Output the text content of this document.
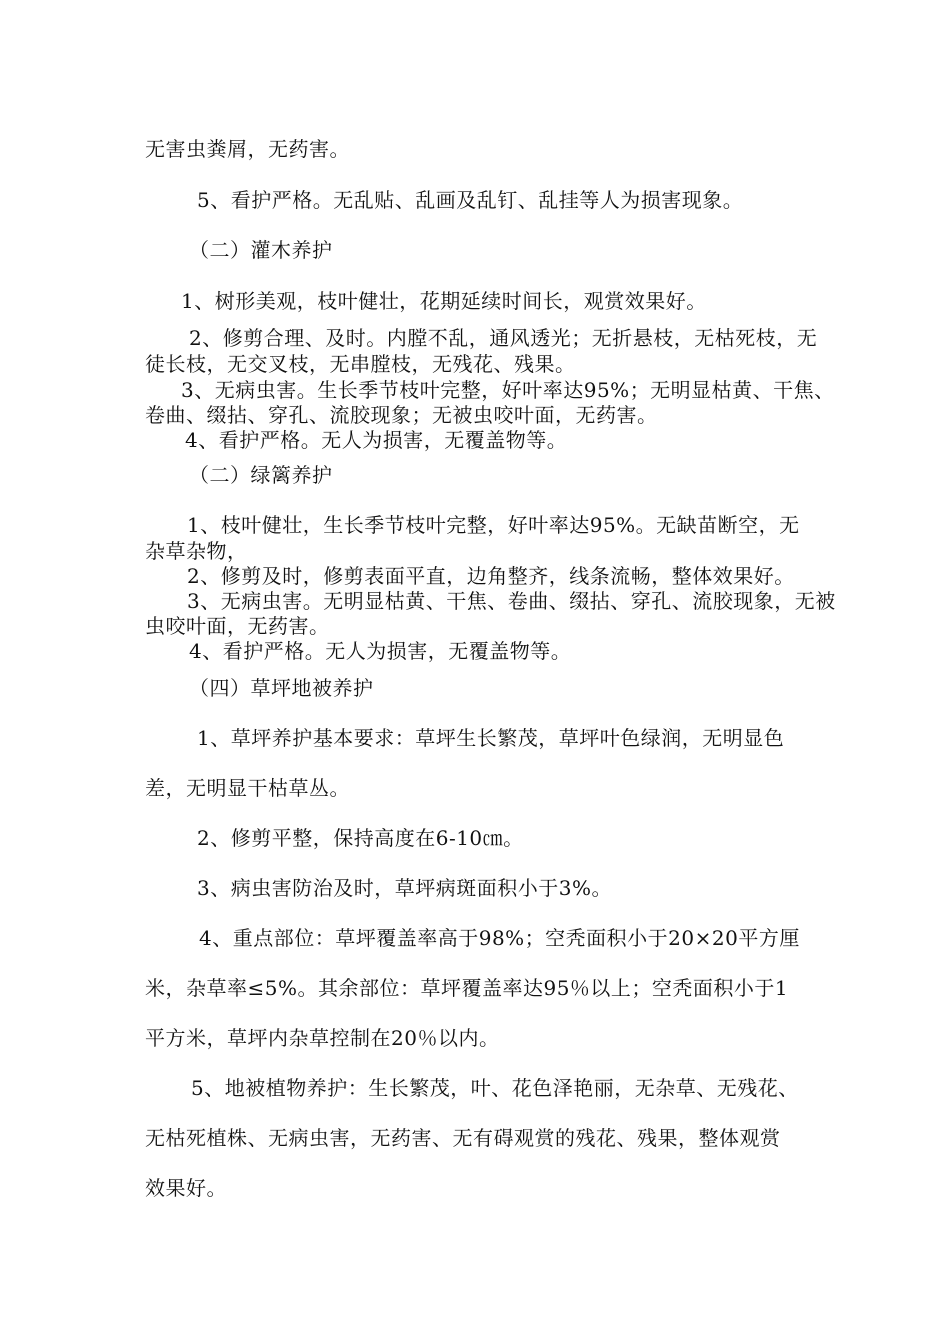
无害虫粪屑，无药害。

5、看护严格。无乱贴、乱画及乱钉、乱挂等人为损害现象。

（二）灌木养护

1、树形美观，枝叶健壮，花期延续时间长，观赏效果好。

2、修剪合理、及时。内膛不乱，通风透光；无折悬枝，无枯死枝，无

徒长枝，无交叉枝，无串膛枝，无残花、残果。

3、无病虫害。生长季节枝叶完整，好叶率达95%；无明显枯黄、干焦、

卷曲、缀拈、穿孔、流胶现象；无被虫咬叶面，无药害。

4、看护严格。无人为损害，无覆盖物等。

（二）绿篱养护

1、枝叶健壮，生长季节枝叶完整，好叶率达95%。无缺苗断空，无

杂草杂物，

2、修剪及时，修剪表面平直，边角整齐，线条流畅，整体效果好。

3、无病虫害。无明显枯黄、干焦、卷曲、缀拈、穿孔、流胶现象，无被

虫咬叶面，无药害。

4、看护严格。无人为损害，无覆盖物等。

（四）草坪地被养护

1、草坪养护基本要求：草坪生长繁茂，草坪叶色绿润，无明显色

差，无明显干枯草丛。

2、修剪平整，保持高度在6-10㎝。

3、病虫害防治及时，草坪病斑面积小于3%。

4、重点部位：草坪覆盖率高于98%；空秃面积小于20×20平方厘

米，杂草率≤5%。其余部位：草坪覆盖率达95％以上；空秃面积小于1

平方米，草坪内杂草控制在20％以内。

5、地被植物养护：生长繁茂，叶、花色泽艳丽，无杂草、无残花、

无枯死植株、无病虫害，无药害、无有碍观赏的残花、残果，整体观赏

效果好。
